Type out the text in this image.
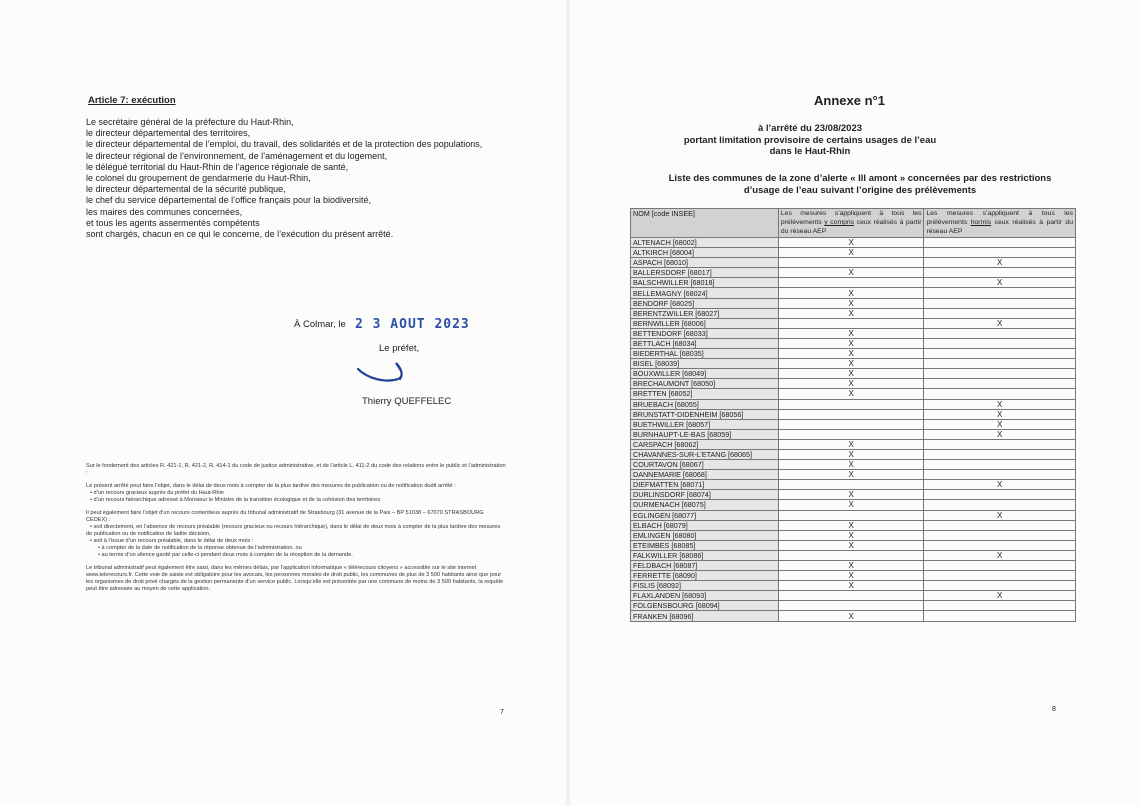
Article 7: exécution
Le secrétaire général de la préfecture du Haut-Rhin,
le directeur départemental des territoires,
le directeur départemental de l’emploi, du travail, des solidarités et de la protection des populations,
le directeur régional de l’environnement, de l’aménagement et du logement,
le délégué territorial du Haut-Rhin de l’agence régionale de santé,
le colonel du groupement de gendarmerie du Haut-Rhin,
le directeur départemental de la sécurité publique,
le chef du service départemental de l’office français pour la biodiversité,
les maires des communes concernées,
et tous les agents assermentés compétents
sont chargés, chacun en ce qui le concerne, de l’exécution du présent arrêté.
À Colmar, le 2 3 AOUT 2023
Le préfet,
Thierry QUEFFELEC

Sur le fondement des articles R. 421-1, R. 421-2, R. 414-1 du code de justice administrative, et de l’article L. 411-2 du code des relations entre le public et l’administration :

Le présent arrêté peut faire l’objet, dans le délai de deux mois à compter de la plus tardive des mesures de publication ou de notification dudit arrêté :
• d’un recours gracieux auprès du préfet du Haut-Rhin
• d’un recours hiérarchique adressé à Monsieur le Ministre de la transition écologique et de la cohésion des territoires

Il peut également faire l’objet d’un recours contentieux auprès du tribunal administratif de Strasbourg (31 avenue de la Paix – BP 51038 – 67070 STRASBOURG CEDEX) :
• soit directement, en l’absence de recours préalable (recours gracieux ou recours hiérarchique), dans le délai de deux mois à compter de la plus tardive des mesures de publication ou de notification de ladite décision,
• soit à l’issue d’un recours préalable, dans le délai de deux mois :
• à compter de la date de notification de la réponse obtenue de l’administration, ou
• au terme d’un silence gardé par celle-ci pendant deux mois à compter de la réception de la demande.

Le tribunal administratif peut également être saisi, dans les mêmes délais, par l’application informatique « télérecours citoyens » accessible sur le site internet www.telerecours.fr. Cette voie de saisie est obligatoire pour les avocats, les personnes morales de droit public, les communes de plus de 3 500 habitants ainsi que pour les organismes de droit privé chargés de la gestion permanente d’un service public. Lorsqu’elle est présentée par une commune de moins de 3 500 habitants, la requête peut être adressée au moyen de cette application.

7
Annexe n°1
à l’arrêté du 23/08/2023
portant limitation provisoire de certains usages de l’eau
dans le Haut-Rhin
Liste des communes de la zone d’alerte « Ill amont » concernées par des restrictions
d’usage de l’eau suivant l’origine des prélèvements
NOM [code INSEE]	Les mesures s’appliquent à tous les prélèvements y compris ceux réalisés à partir du réseau AEP	Les mesures s’appliquent à tous les prélèvements hormis ceux réalisés à partir du réseau AEP
ALTENACH [68002]	X	
ALTKIRCH [68004]	X	
ASPACH [68010]		X
BALLERSDORF [68017]	X	
BALSCHWILLER [68018]		X
BELLEMAGNY [68024]	X	
BENDORF [68025]	X	
BERENTZWILLER [68027]	X	
BERNWILLER [68006]		X
BETTENDORF [68033]	X	
BETTLACH [68034]	X	
BIEDERTHAL [68035]	X	
BISEL [68039]	X	
BOUXWILLER [68049]	X	
BRECHAUMONT [68050]	X	
BRETTEN [68052]	X	
BRUEBACH [68055]		X
BRUNSTATT-DIDENHEIM [68056]		X
BUETHWILLER [68057]		X
BURNHAUPT-LE-BAS [68059]		X
CARSPACH [68062]	X	
CHAVANNES-SUR-L’ETANG [68065]	X	
COURTAVON [68067]	X	
DANNEMARIE [68068]	X	
DIEFMATTEN [68071]		X
DURLINSDORF [68074]	X	
DURMENACH [68075]	X	
EGLINGEN [68077]		X
ELBACH [68079]	X	
EMLINGEN [68080]	X	
ETEIMBES [68085]	X	
FALKWILLER [68086]		X
FELDBACH [68087]	X	
FERRETTE [68090]	X	
FISLIS [68092]	X	
FLAXLANDEN [68093]		X
FOLGENSBOURG [68094]		
FRANKEN [68096]	X	
8
